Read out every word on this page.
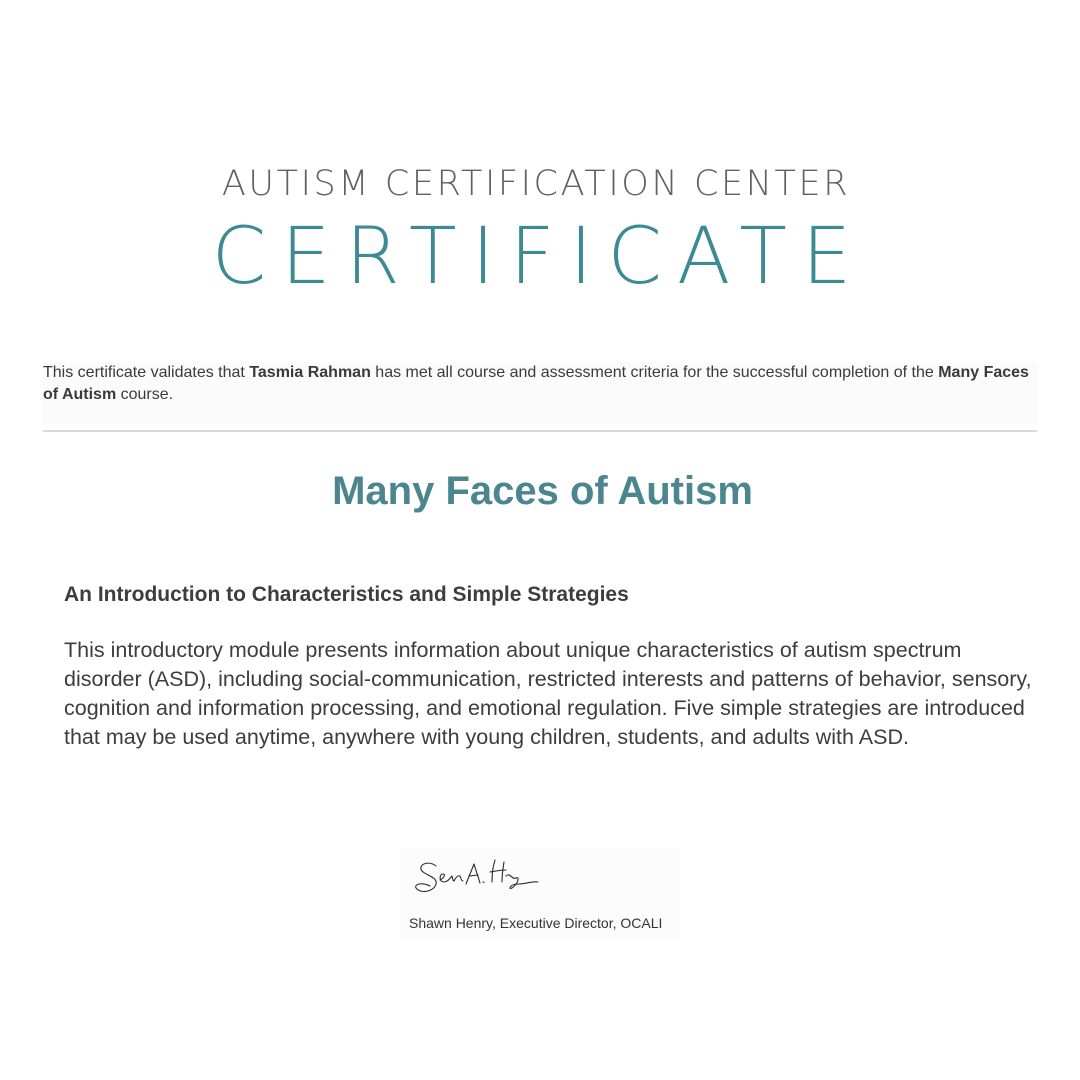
AUTISM CERTIFICATION CENTER
CERTIFICATE
This certificate validates that Tasmia Rahman has met all course and assessment criteria for the successful completion of the Many Faces of Autism course.
Many Faces of Autism
An Introduction to Characteristics and Simple Strategies
This introductory module presents information about unique characteristics of autism spectrum disorder (ASD), including social-communication, restricted interests and patterns of behavior, sensory, cognition and information processing, and emotional regulation. Five simple strategies are introduced that may be used anytime, anywhere with young children, students, and adults with ASD.
Shawn Henry, Executive Director, OCALI
